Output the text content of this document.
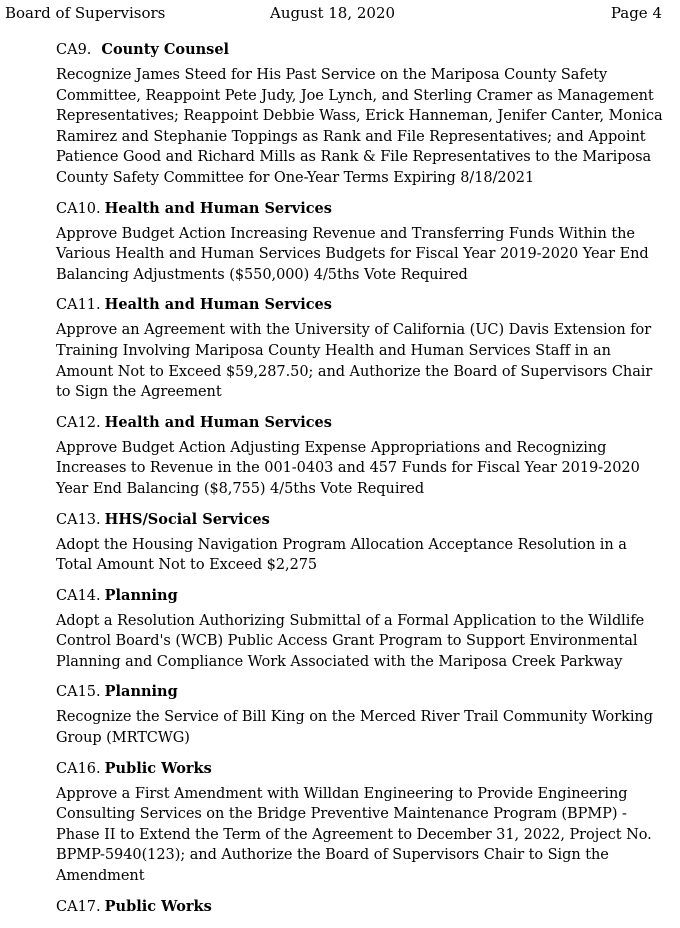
Board of Supervisors	August 18, 2020	Page 4
CA9. County Counsel
Recognize James Steed for His Past Service on the Mariposa County Safety Committee, Reappoint Pete Judy, Joe Lynch, and Sterling Cramer as Management Representatives; Reappoint Debbie Wass, Erick Hanneman, Jenifer Canter, Monica Ramirez and Stephanie Toppings as Rank and File Representatives; and Appoint Patience Good and Richard Mills as Rank & File Representatives to the Mariposa County Safety Committee for One-Year Terms Expiring 8/18/2021
CA10. Health and Human Services
Approve Budget Action Increasing Revenue and Transferring Funds Within the Various Health and Human Services Budgets for Fiscal Year 2019-2020 Year End Balancing Adjustments ($550,000) 4/5ths Vote Required
CA11. Health and Human Services
Approve an Agreement with the University of California (UC) Davis Extension for Training Involving Mariposa County Health and Human Services Staff in an Amount Not to Exceed $59,287.50; and Authorize the Board of Supervisors Chair to Sign the Agreement
CA12. Health and Human Services
Approve Budget Action Adjusting Expense Appropriations and Recognizing Increases to Revenue in the 001-0403 and 457 Funds for Fiscal Year 2019-2020 Year End Balancing ($8,755) 4/5ths Vote Required
CA13. HHS/Social Services
Adopt the Housing Navigation Program Allocation Acceptance Resolution in a Total Amount Not to Exceed $2,275
CA14. Planning
Adopt a Resolution Authorizing Submittal of a Formal Application to the Wildlife Control Board's (WCB) Public Access Grant Program to Support Environmental Planning and Compliance Work Associated with the Mariposa Creek Parkway
CA15. Planning
Recognize the Service of Bill King on the Merced River Trail Community Working Group (MRTCWG)
CA16. Public Works
Approve a First Amendment with Willdan Engineering to Provide Engineering Consulting Services on the Bridge Preventive Maintenance Program (BPMP) - Phase II to Extend the Term of the Agreement to December 31, 2022, Project No. BPMP-5940(123); and Authorize the Board of Supervisors Chair to Sign the Amendment
CA17. Public Works
